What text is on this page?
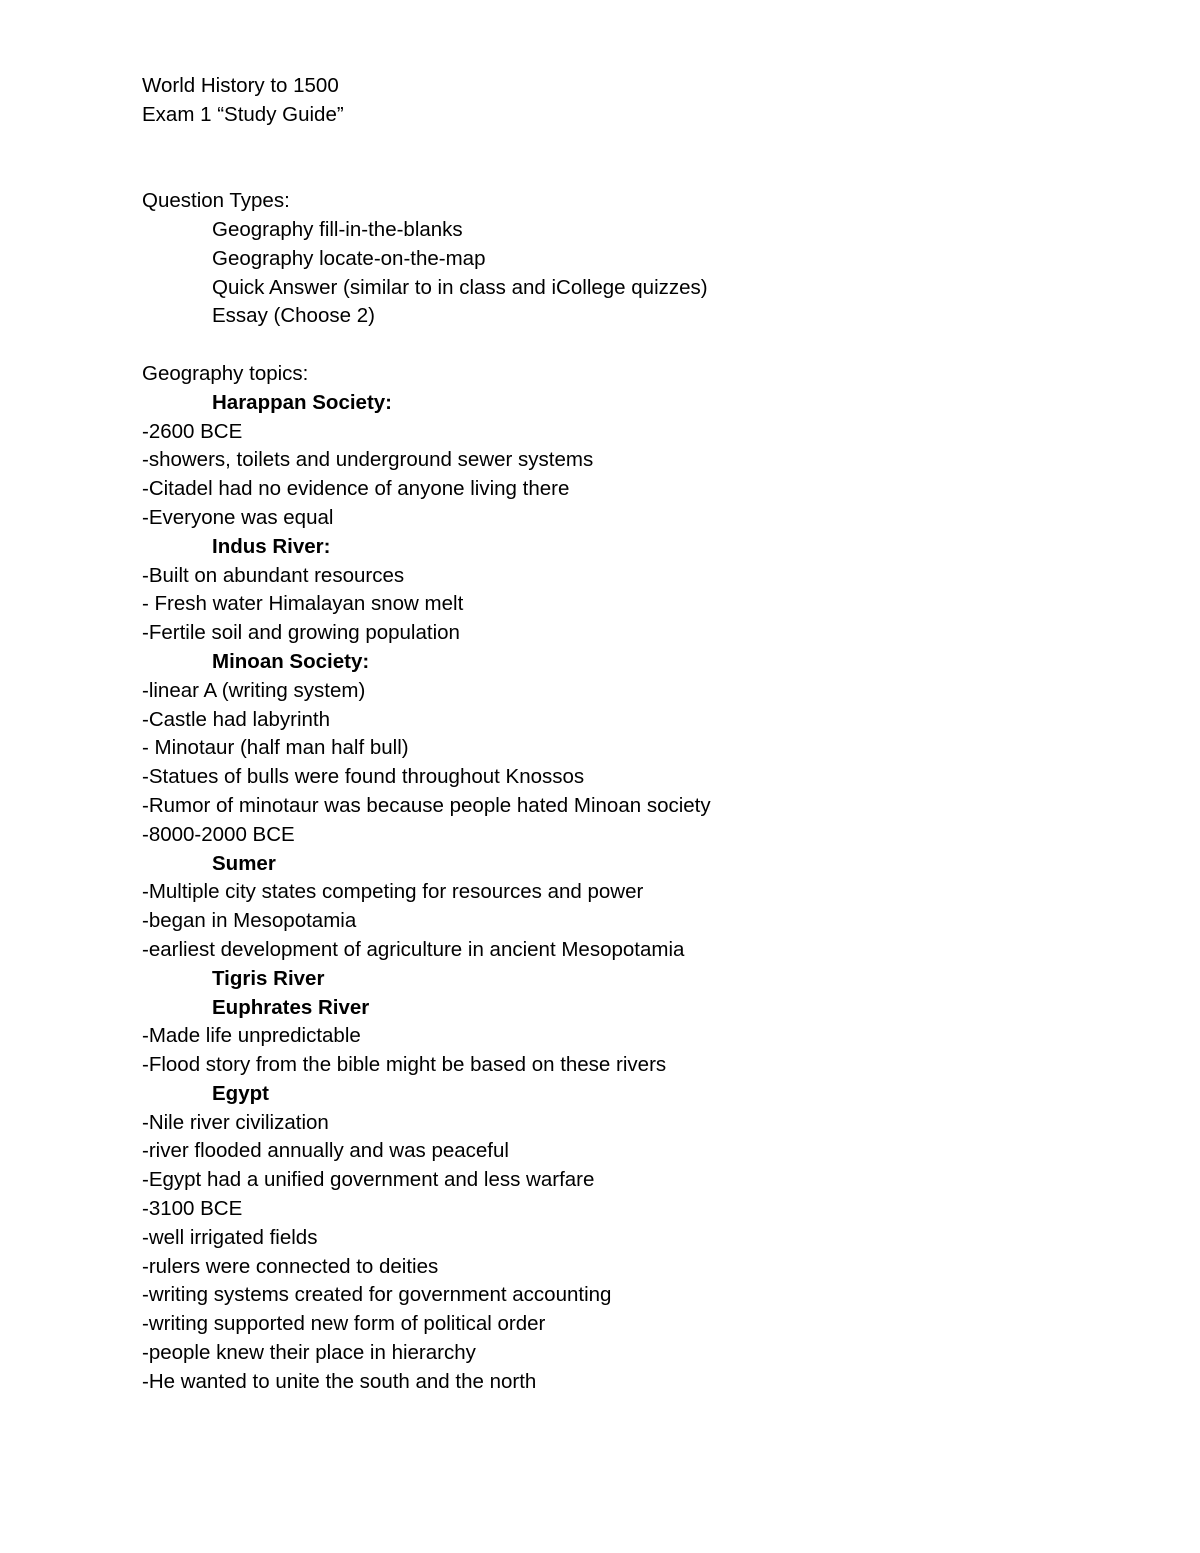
World History to 1500
Exam 1 “Study Guide”
Question Types:
Geography fill-in-the-blanks
Geography locate-on-the-map
Quick Answer (similar to in class and iCollege quizzes)
Essay (Choose 2)
Geography topics:
Harappan Society:
-2600 BCE
-showers, toilets and underground sewer systems
-Citadel had no evidence of anyone living there
-Everyone was equal
Indus River:
-Built on abundant resources
- Fresh water Himalayan snow melt
-Fertile soil and growing population
Minoan Society:
-linear A (writing system)
-Castle had labyrinth
- Minotaur (half man half bull)
-Statues of bulls were found throughout Knossos
-Rumor of minotaur was because people hated Minoan society
-8000-2000 BCE
Sumer
-Multiple city states competing for resources and power
-began in Mesopotamia
-earliest development of agriculture in ancient Mesopotamia
Tigris River
Euphrates River
-Made life unpredictable
-Flood story from the bible might be based on these rivers
Egypt
-Nile river civilization
-river flooded annually and was peaceful
-Egypt had a unified government and less warfare
-3100 BCE
-well irrigated fields
-rulers were connected to deities
-writing systems created for government accounting
-writing supported new form of political order
-people knew their place in hierarchy
-He wanted to unite the south and the north
